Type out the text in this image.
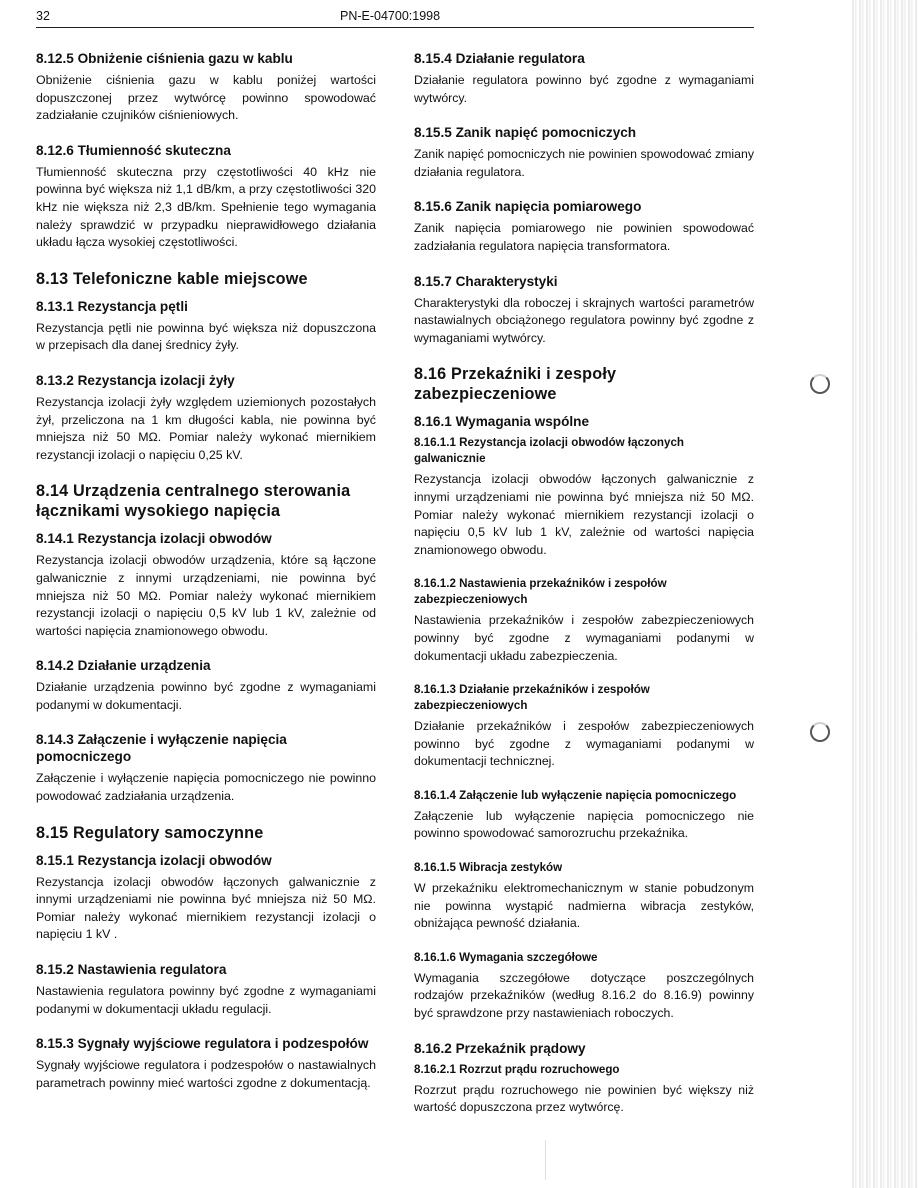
32	PN-E-04700:1998
8.12.5 Obniżenie ciśnienia gazu w kablu
Obniżenie ciśnienia gazu w kablu poniżej wartości dopuszczonej przez wytwórcę powinno spowodować zadziałanie czujników ciśnieniowych.
8.12.6 Tłumienność skuteczna
Tłumienność skuteczna przy częstotliwości 40 kHz nie powinna być większa niż 1,1 dB/km, a przy częstotliwości 320 kHz nie większa niż 2,3 dB/km. Spełnienie tego wymagania należy sprawdzić w przypadku nieprawidłowego działania układu łącza wysokiej częstotliwości.
8.13 Telefoniczne kable miejscowe
8.13.1 Rezystancja pętli
Rezystancja pętli nie powinna być większa niż dopuszczona w przepisach dla danej średnicy żyły.
8.13.2 Rezystancja izolacji żyły
Rezystancja izolacji żyły względem uziemionych pozostałych żył, przeliczona na 1 km długości kabla, nie powinna być mniejsza niż 50 MΩ. Pomiar należy wykonać miernikiem rezystancji izolacji o napięciu 0,25 kV.
8.14 Urządzenia centralnego sterowania łącznikami wysokiego napięcia
8.14.1 Rezystancja izolacji obwodów
Rezystancja izolacji obwodów urządzenia, które są łączone galwanicznie z innymi urządzeniami, nie powinna być mniejsza niż 50 MΩ. Pomiar należy wykonać miernikiem rezystancji izolacji o napięciu 0,5 kV lub 1 kV, zależnie od wartości napięcia znamionowego obwodu.
8.14.2 Działanie urządzenia
Działanie urządzenia powinno być zgodne z wymaganiami podanymi w dokumentacji.
8.14.3 Załączenie i wyłączenie napięcia pomocniczego
Załączenie i wyłączenie napięcia pomocniczego nie powinno powodować zadziałania urządzenia.
8.15 Regulatory samoczynne
8.15.1 Rezystancja izolacji obwodów
Rezystancja izolacji obwodów łączonych galwanicznie z innymi urządzeniami nie powinna być mniejsza niż 50 MΩ. Pomiar należy wykonać miernikiem rezystancji izolacji o napięciu 1 kV .
8.15.2 Nastawienia regulatora
Nastawienia regulatora powinny być zgodne z wymaganiami podanymi w dokumentacji układu regulacji.
8.15.3 Sygnały wyjściowe regulatora i podzespołów
Sygnały wyjściowe regulatora i podzespołów o nastawialnych parametrach powinny mieć wartości zgodne z dokumentacją.
8.15.4 Działanie regulatora
Działanie regulatora powinno być zgodne z wymaganiami wytwórcy.
8.15.5 Zanik napięć pomocniczych
Zanik napięć pomocniczych nie powinien spowodować zmiany działania regulatora.
8.15.6 Zanik napięcia pomiarowego
Zanik napięcia pomiarowego nie powinien spowodować zadziałania regulatora napięcia transformatora.
8.15.7 Charakterystyki
Charakterystyki dla roboczej i skrajnych wartości parametrów nastawialnych obciążonego regulatora powinny być zgodne z wymaganiami wytwórcy.
8.16 Przekaźniki i zespoły zabezpieczeniowe
8.16.1 Wymagania wspólne
8.16.1.1 Rezystancja izolacji obwodów łączonych galwanicznie
Rezystancja izolacji obwodów łączonych galwanicznie z innymi urządzeniami nie powinna być mniejsza niż 50 MΩ. Pomiar należy wykonać miernikiem rezystancji izolacji o napięciu 0,5 kV lub 1 kV, zależnie od wartości napięcia znamionowego obwodu.
8.16.1.2 Nastawienia przekaźników i zespołów zabezpieczeniowych
Nastawienia przekaźników i zespołów zabezpieczeniowych powinny być zgodne z wymaganiami podanymi w dokumentacji układu zabezpieczenia.
8.16.1.3 Działanie przekaźników i zespołów zabezpieczeniowych
Działanie przekaźników i zespołów zabezpieczeniowych powinno być zgodne z wymaganiami podanymi w dokumentacji technicznej.
8.16.1.4 Załączenie lub wyłączenie napięcia pomocniczego
Załączenie lub wyłączenie napięcia pomocniczego nie powinno spowodować samorozruchu przekaźnika.
8.16.1.5 Wibracja zestyków
W przekaźniku elektromechanicznym w stanie pobudzonym nie powinna wystąpić nadmierna wibracja zestyków, obniżająca pewność działania.
8.16.1.6 Wymagania szczegółowe
Wymagania szczegółowe dotyczące poszczególnych rodzajów przekaźników (według 8.16.2 do 8.16.9) powinny być sprawdzone przy nastawieniach roboczych.
8.16.2 Przekaźnik prądowy
8.16.2.1 Rozrzut prądu rozruchowego
Rozrzut prądu rozruchowego nie powinien być większy niż wartość dopuszczona przez wytwórcę.
